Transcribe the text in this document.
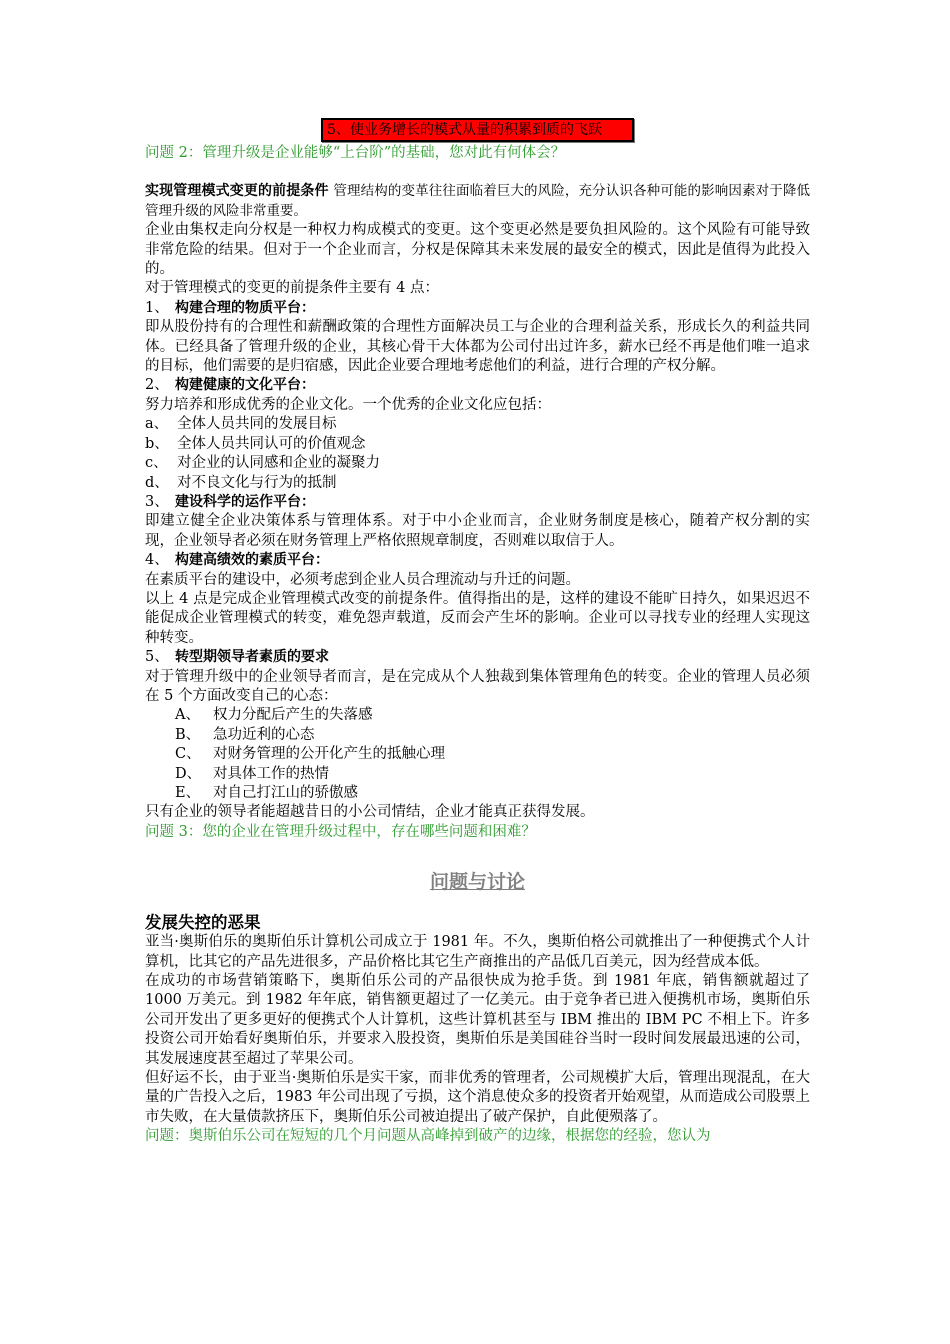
5、使业务增长的模式从量的积累到质的飞跃

问题 2：管理升级是企业能够“上台阶”的基础，您对此有何体会？

实现管理模式变更的前提条件 管理结构的变革往往面临着巨大的风险，充分认识各种可能的影响因素对于降低管理升级的风险非常重要。

企业由集权走向分权是一种权力构成模式的变更。这个变更必然是要负担风险的。这个风险有可能导致非常危险的结果。但对于一个企业而言，分权是保障其未来发展的最安全的模式，因此是值得为此投入的。

对于管理模式的变更的前提条件主要有 4 点：

1、 构建合理的物质平台：

即从股份持有的合理性和薪酬政策的合理性方面解决员工与企业的合理利益关系，形成长久的利益共同体。已经具备了管理升级的企业，其核心骨干大体都为公司付出过许多，薪水已经不再是他们唯一追求的目标，他们需要的是归宿感，因此企业要合理地考虑他们的利益，进行合理的产权分解。

2、 构建健康的文化平台：

努力培养和形成优秀的企业文化。一个优秀的企业文化应包括：

a、 全体人员共同的发展目标

b、 全体人员共同认可的价值观念

c、 对企业的认同感和企业的凝聚力

d、 对不良文化与行为的抵制

3、 建设科学的运作平台：

即建立健全企业决策体系与管理体系。对于中小企业而言，企业财务制度是核心，随着产权分割的实现，企业领导者必须在财务管理上严格依照规章制度，否则难以取信于人。

4、 构建高绩效的素质平台：

在素质平台的建设中，必须考虑到企业人员合理流动与升迁的问题。

以上 4 点是完成企业管理模式改变的前提条件。值得指出的是，这样的建设不能旷日持久，如果迟迟不能促成企业管理模式的转变，难免怨声载道，反而会产生坏的影响。企业可以寻找专业的经理人实现这种转变。

5、 转型期领导者素质的要求

对于管理升级中的企业领导者而言，是在完成从个人独裁到集体管理角色的转变。企业的管理人员必须在 5 个方面改变自己的心态：

A、 权力分配后产生的失落感

B、 急功近利的心态

C、 对财务管理的公开化产生的抵触心理

D、 对具体工作的热情

E、 对自己打江山的骄傲感

只有企业的领导者能超越昔日的小公司情结，企业才能真正获得发展。

问题 3：您的企业在管理升级过程中，存在哪些问题和困难？

问题与讨论
发展失控的恶果

亚当·奥斯伯乐的奥斯伯乐计算机公司成立于 1981 年。不久，奥斯伯格公司就推出了一种便携式个人计算机，比其它的产品先进很多，产品价格比其它生产商推出的产品低几百美元，因为经营成本低。

在成功的市场营销策略下，奥斯伯乐公司的产品很快成为抢手货。到 1981 年底，销售额就超过了 1000 万美元。到 1982 年年底，销售额更超过了一亿美元。由于竞争者已进入便携机市场，奥斯伯乐公司开发出了更多更好的便携式个人计算机，这些计算机甚至与 IBM 推出的 IBM PC 不相上下。许多投资公司开始看好奥斯伯乐，并要求入股投资，奥斯伯乐是美国硅谷当时一段时间发展最迅速的公司，其发展速度甚至超过了苹果公司。

但好运不长，由于亚当·奥斯伯乐是实干家，而非优秀的管理者，公司规模扩大后，管理出现混乱，在大量的广告投入之后，1983 年公司出现了亏损，这个消息使众多的投资者开始观望，从而造成公司股票上市失败，在大量债款挤压下，奥斯伯乐公司被迫提出了破产保护，自此便殒落了。

问题：奥斯伯乐公司在短短的几个月问题从高峰掉到破产的边缘，根据您的经验，您认为
